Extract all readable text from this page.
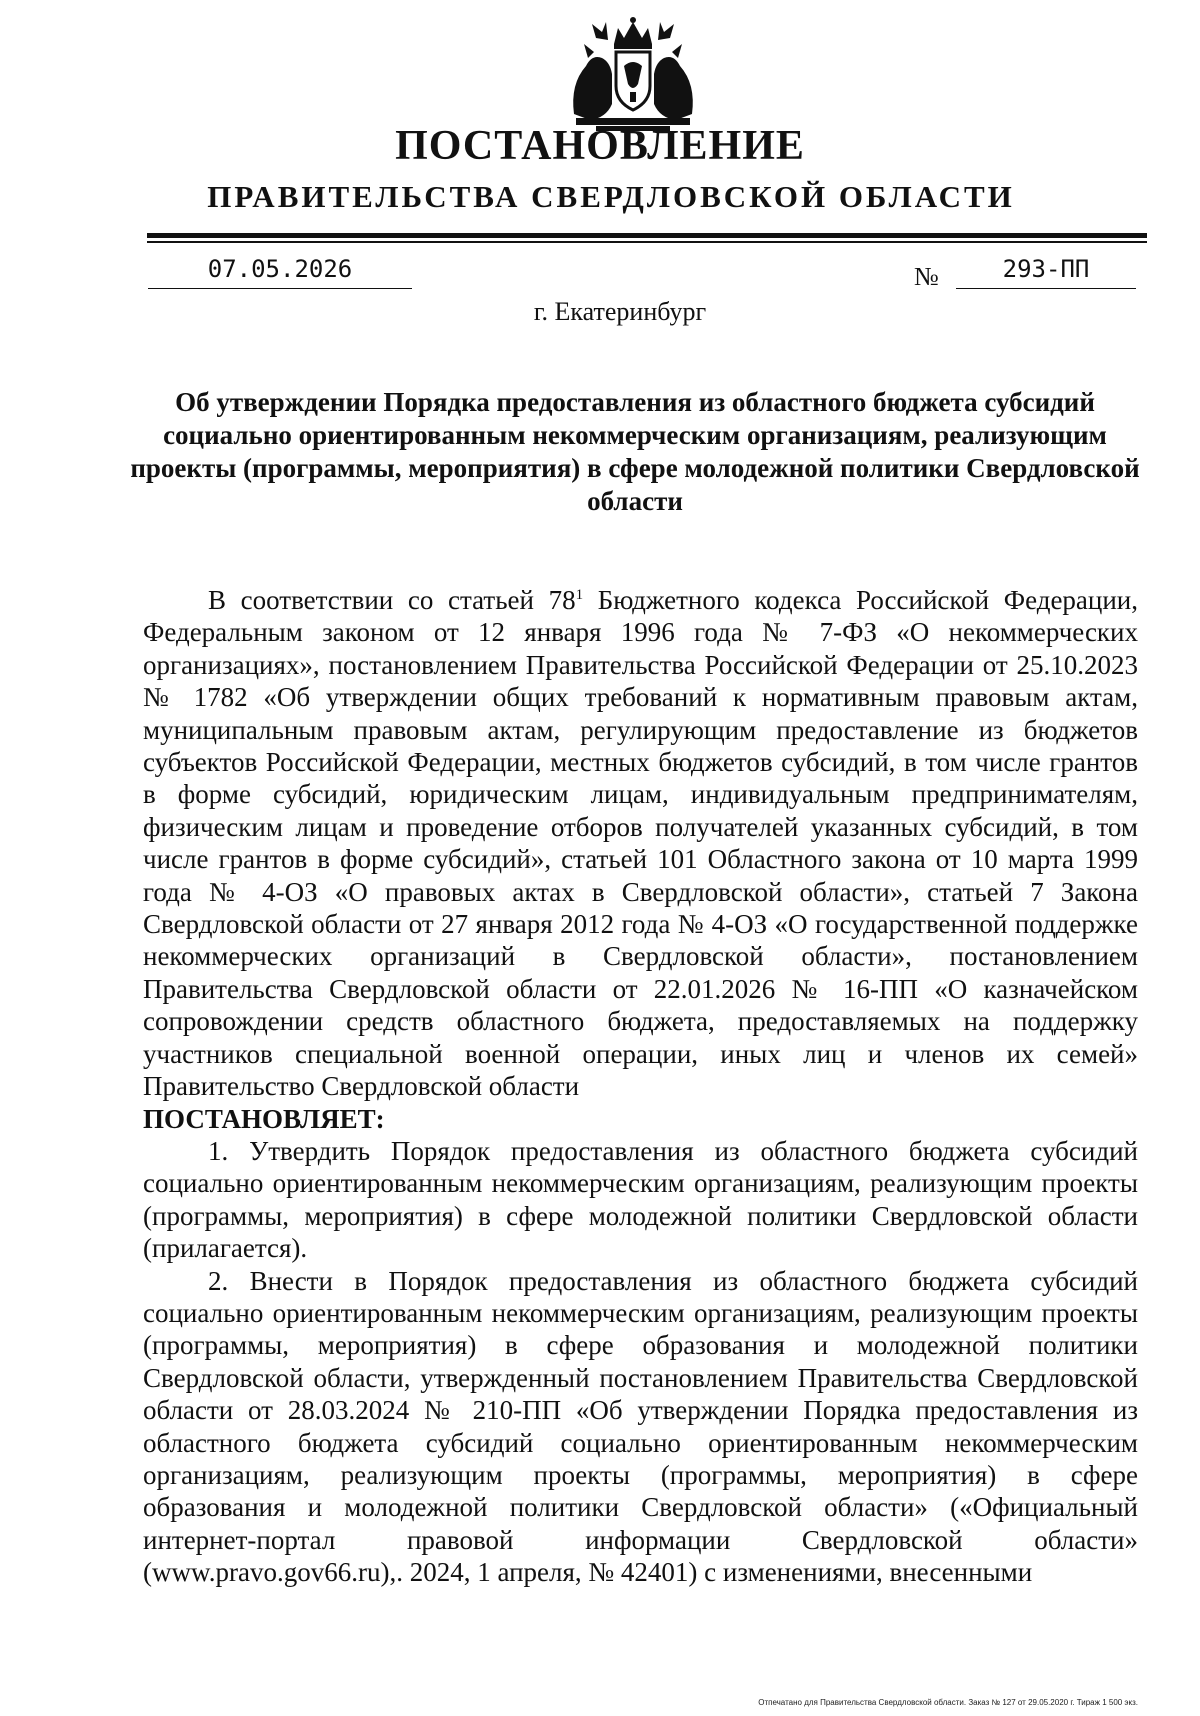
ПОСТАНОВЛЕНИЕ
ПРАВИТЕЛЬСТВА СВЕРДЛОВСКОЙ ОБЛАСТИ
07.05.2026	№	293-ПП
г. Екатеринбург
Об утверждении Порядка предоставления из областного бюджета субсидий социально ориентированным некоммерческим организациям, реализующим проекты (программы, мероприятия) в сфере молодежной политики Свердловской области

В соответствии со статьей $78^1$ Бюджетного кодекса Российской Федерации, Федеральным законом от 12 января 1996 года № 7-ФЗ «О некоммерческих организациях», постановлением Правительства Российской Федерации от 25.10.2023 № 1782 «Об утверждении общих требований к нормативным правовым актам, муниципальным правовым актам, регулирующим предоставление из бюджетов субъектов Российской Федерации, местных бюджетов субсидий, в том числе грантов в форме субсидий, юридическим лицам, индивидуальным предпринимателям, физическим лицам и проведение отборов получателей указанных субсидий, в том числе грантов в форме субсидий», статьей 101 Областного закона от 10 марта 1999 года № 4-ОЗ «О правовых актах в Свердловской области», статьей 7 Закона Свердловской области от 27 января 2012 года № 4-ОЗ «О государственной поддержке некоммерческих организаций в Свердловской области», постановлением Правительства Свердловской области от 22.01.2026 № 16-ПП «О казначейском сопровождении средств областного бюджета, предоставляемых на поддержку участников специальной военной операции, иных лиц и членов их семей» Правительство Свердловской области

ПОСТАНОВЛЯЕТ:

1. Утвердить Порядок предоставления из областного бюджета субсидий социально ориентированным некоммерческим организациям, реализующим проекты (программы, мероприятия) в сфере молодежной политики Свердловской области (прилагается).

2. Внести в Порядок предоставления из областного бюджета субсидий социально ориентированным некоммерческим организациям, реализующим проекты (программы, мероприятия) в сфере образования и молодежной политики Свердловской области, утвержденный постановлением Правительства Свердловской области от 28.03.2024 № 210-ПП «Об утверждении Порядка предоставления из областного бюджета субсидий социально ориентированным некоммерческим организациям, реализующим проекты (программы, мероприятия) в сфере образования и молодежной политики Свердловской области» («Официальный интернет-портал правовой информации Свердловской области» (www.pravo.gov66.ru),. 2024, 1 апреля, № 42401) с изменениями, внесенными

Отпечатано для Правительства Свердловской области. Заказ № 127 от 29.05.2020 г. Тираж 1 500 экз.
